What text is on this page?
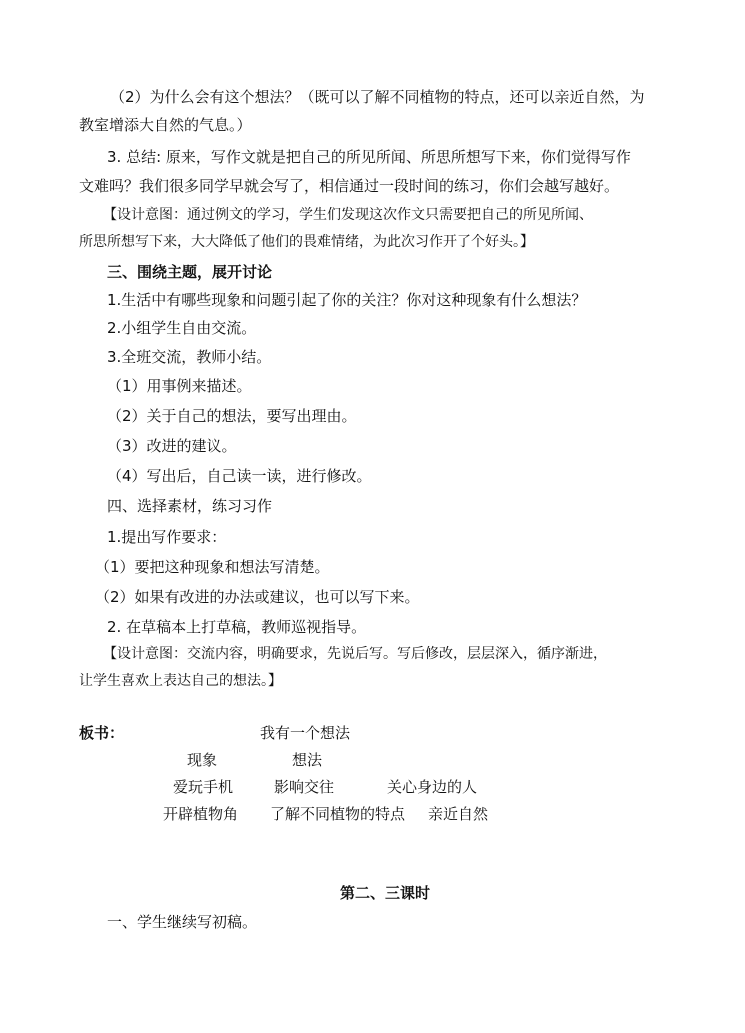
（2）为什么会有这个想法？（既可以了解不同植物的特点，还可以亲近自然，为
教室增添大自然的气息。）
3. 总结: 原来，写作文就是把自己的所见所闻、所思所想写下来，你们觉得写作
文难吗？我们很多同学早就会写了，相信通过一段时间的练习，你们会越写越好。
【设计意图：通过例文的学习，学生们发现这次作文只需要把自己的所见所闻、
所思所想写下来，大大降低了他们的畏难情绪，为此次习作开了个好头。】
三、围绕主题，展开讨论
1.生活中有哪些现象和问题引起了你的关注？你对这种现象有什么想法？
2.小组学生自由交流。
3.全班交流，教师小结。
（1）用事例来描述。
（2）关于自己的想法，要写出理由。
（3）改进的建议。
（4）写出后，自己读一读，进行修改。
四、选择素材，练习习作
1.提出写作要求：
（1）要把这种现象和想法写清楚。
（2）如果有改进的办法或建议，也可以写下来。
2. 在草稿本上打草稿，教师巡视指导。
【设计意图：交流内容，明确要求，先说后写。写后修改，层层深入，循序渐进，
让学生喜欢上表达自己的想法。】
板书：	我有一个想法
现象	想法
爱玩手机	影响交往	关心身边的人
开辟植物角 了解不同植物的特点 亲近自然
第二、三课时
一、学生继续写初稿。
